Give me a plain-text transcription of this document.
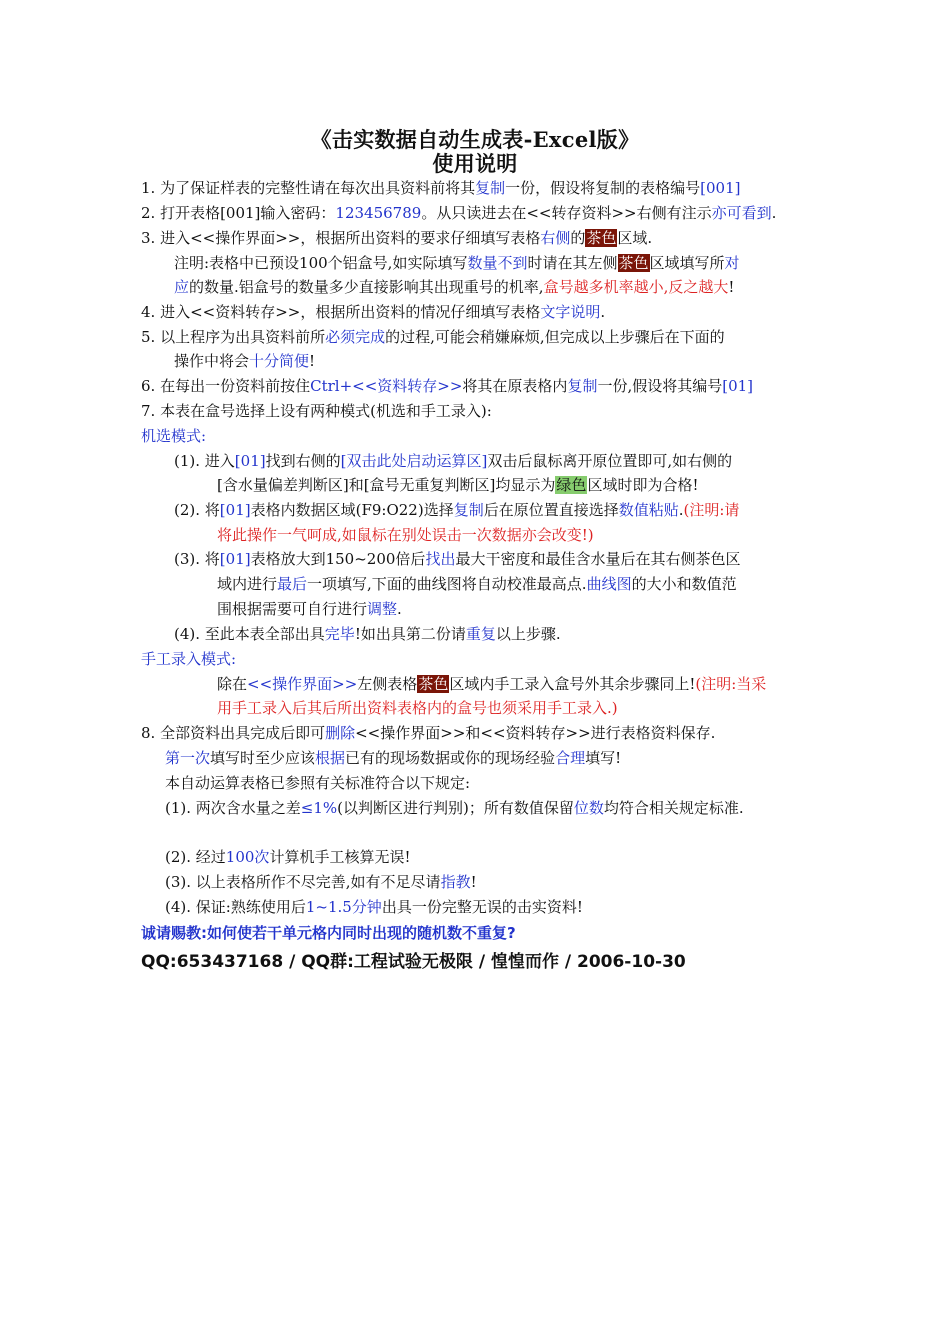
《击实数据自动生成表-Excel版》
使用说明
1. 为了保证样表的完整性请在每次出具资料前将其复制一份，假设将复制的表格编号[001]
2. 打开表格[001]输入密码：123456789。从只读进去在<<转存资料>>右侧有注示亦可看到.
3. 进入<<操作界面>>，根据所出资料的要求仔细填写表格右侧的茶色区域.
注明:表格中已预设100个铝盒号,如实际填写数量不到时请在其左侧茶色区域填写所对
应的数量.铝盒号的数量多少直接影响其出现重号的机率,盒号越多机率越小,反之越大!
4. 进入<<资料转存>>，根据所出资料的情况仔细填写表格文字说明.
5. 以上程序为出具资料前所必须完成的过程,可能会稍嫌麻烦,但完成以上步骤后在下面的
操作中将会十分简便!
6. 在每出一份资料前按住Ctrl+<<资料转存>>将其在原表格内复制一份,假设将其编号[01]
7. 本表在盒号选择上设有两种模式(机选和手工录入):
机选模式:
(1). 进入[01]找到右侧的[双击此处启动运算区]双击后鼠标离开原位置即可,如右侧的
[含水量偏差判断区]和[盒号无重复判断区]均显示为绿色区域时即为合格!
(2). 将[01]表格内数据区域(F9:O22)选择复制后在原位置直接选择数值粘贴.(注明:请
将此操作一气呵成,如鼠标在别处误击一次数据亦会改变!)
(3). 将[01]表格放大到150~200倍后找出最大干密度和最佳含水量后在其右侧茶色区
域内进行最后一项填写,下面的曲线图将自动校准最高点.曲线图的大小和数值范
围根据需要可自行进行调整.
(4). 至此本表全部出具完毕!如出具第二份请重复以上步骤.
手工录入模式:
除在<<操作界面>>左侧表格茶色区域内手工录入盒号外其余步骤同上!(注明:当采
用手工录入后其后所出资料表格内的盒号也须采用手工录入.)
8. 全部资料出具完成后即可删除<<操作界面>>和<<资料转存>>进行表格资料保存.
第一次填写时至少应该根据已有的现场数据或你的现场经验合理填写!
本自动运算表格已参照有关标准符合以下规定:
(1). 两次含水量之差≤1%(以判断区进行判别)；所有数值保留位数均符合相关规定标准.
(2). 经过100次计算机手工核算无误!
(3). 以上表格所作不尽完善,如有不足尽请指教!
(4). 保证:熟练使用后1~1.5分钟出具一份完整无误的击实资料!
诚请赐教:如何使若干单元格内同时出现的随机数不重复?
QQ:653437168 / QQ群:工程试验无极限 / 惶惶而作 / 2006-10-30
